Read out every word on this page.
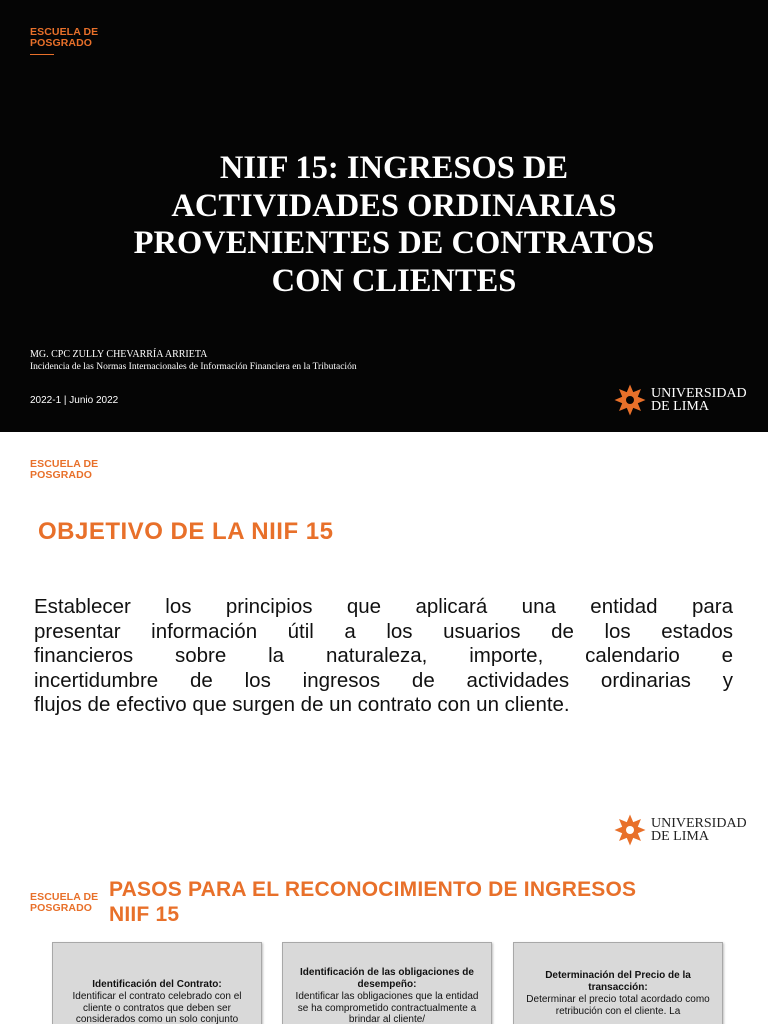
ESCUELA DE
POSGRADO
NIIF 15: INGRESOS DE
ACTIVIDADES ORDINARIAS
PROVENIENTES DE CONTRATOS
CON CLIENTES
MG. CPC ZULLY CHEVARRÍA ARRIETA
Incidencia de las Normas Internacionales de Información Financiera en la Tributación
2022-1 | Junio 2022	UNIVERSIDAD
DE LIMA
ESCUELA DE
POSGRADO
OBJETIVO DE LA NIIF 15

Establecer los principios que aplicará una entidad para
presentar información útil a los usuarios de los estados
financieros sobre la naturaleza, importe, calendario e
incertidumbre de los ingresos de actividades ordinarias y
flujos de efectivo que surgen de un contrato con un cliente.

UNIVERSIDAD
DE LIMA
ESCUELA DE
POSGRADO
PASOS PARA EL RECONOCIMIENTO DE INGRESOS
NIIF 15
Identificación del Contrato:
Identificar el contrato celebrado con el cliente o contratos que deben ser considerados como un solo conjunto
Identificación de las obligaciones de desempeño:
Identificar las obligaciones que la entidad se ha comprometido contractualmente a brindar al cliente/
Determinación del Precio de la transacción:
Determinar el precio total acordado como retribución con el cliente. La
